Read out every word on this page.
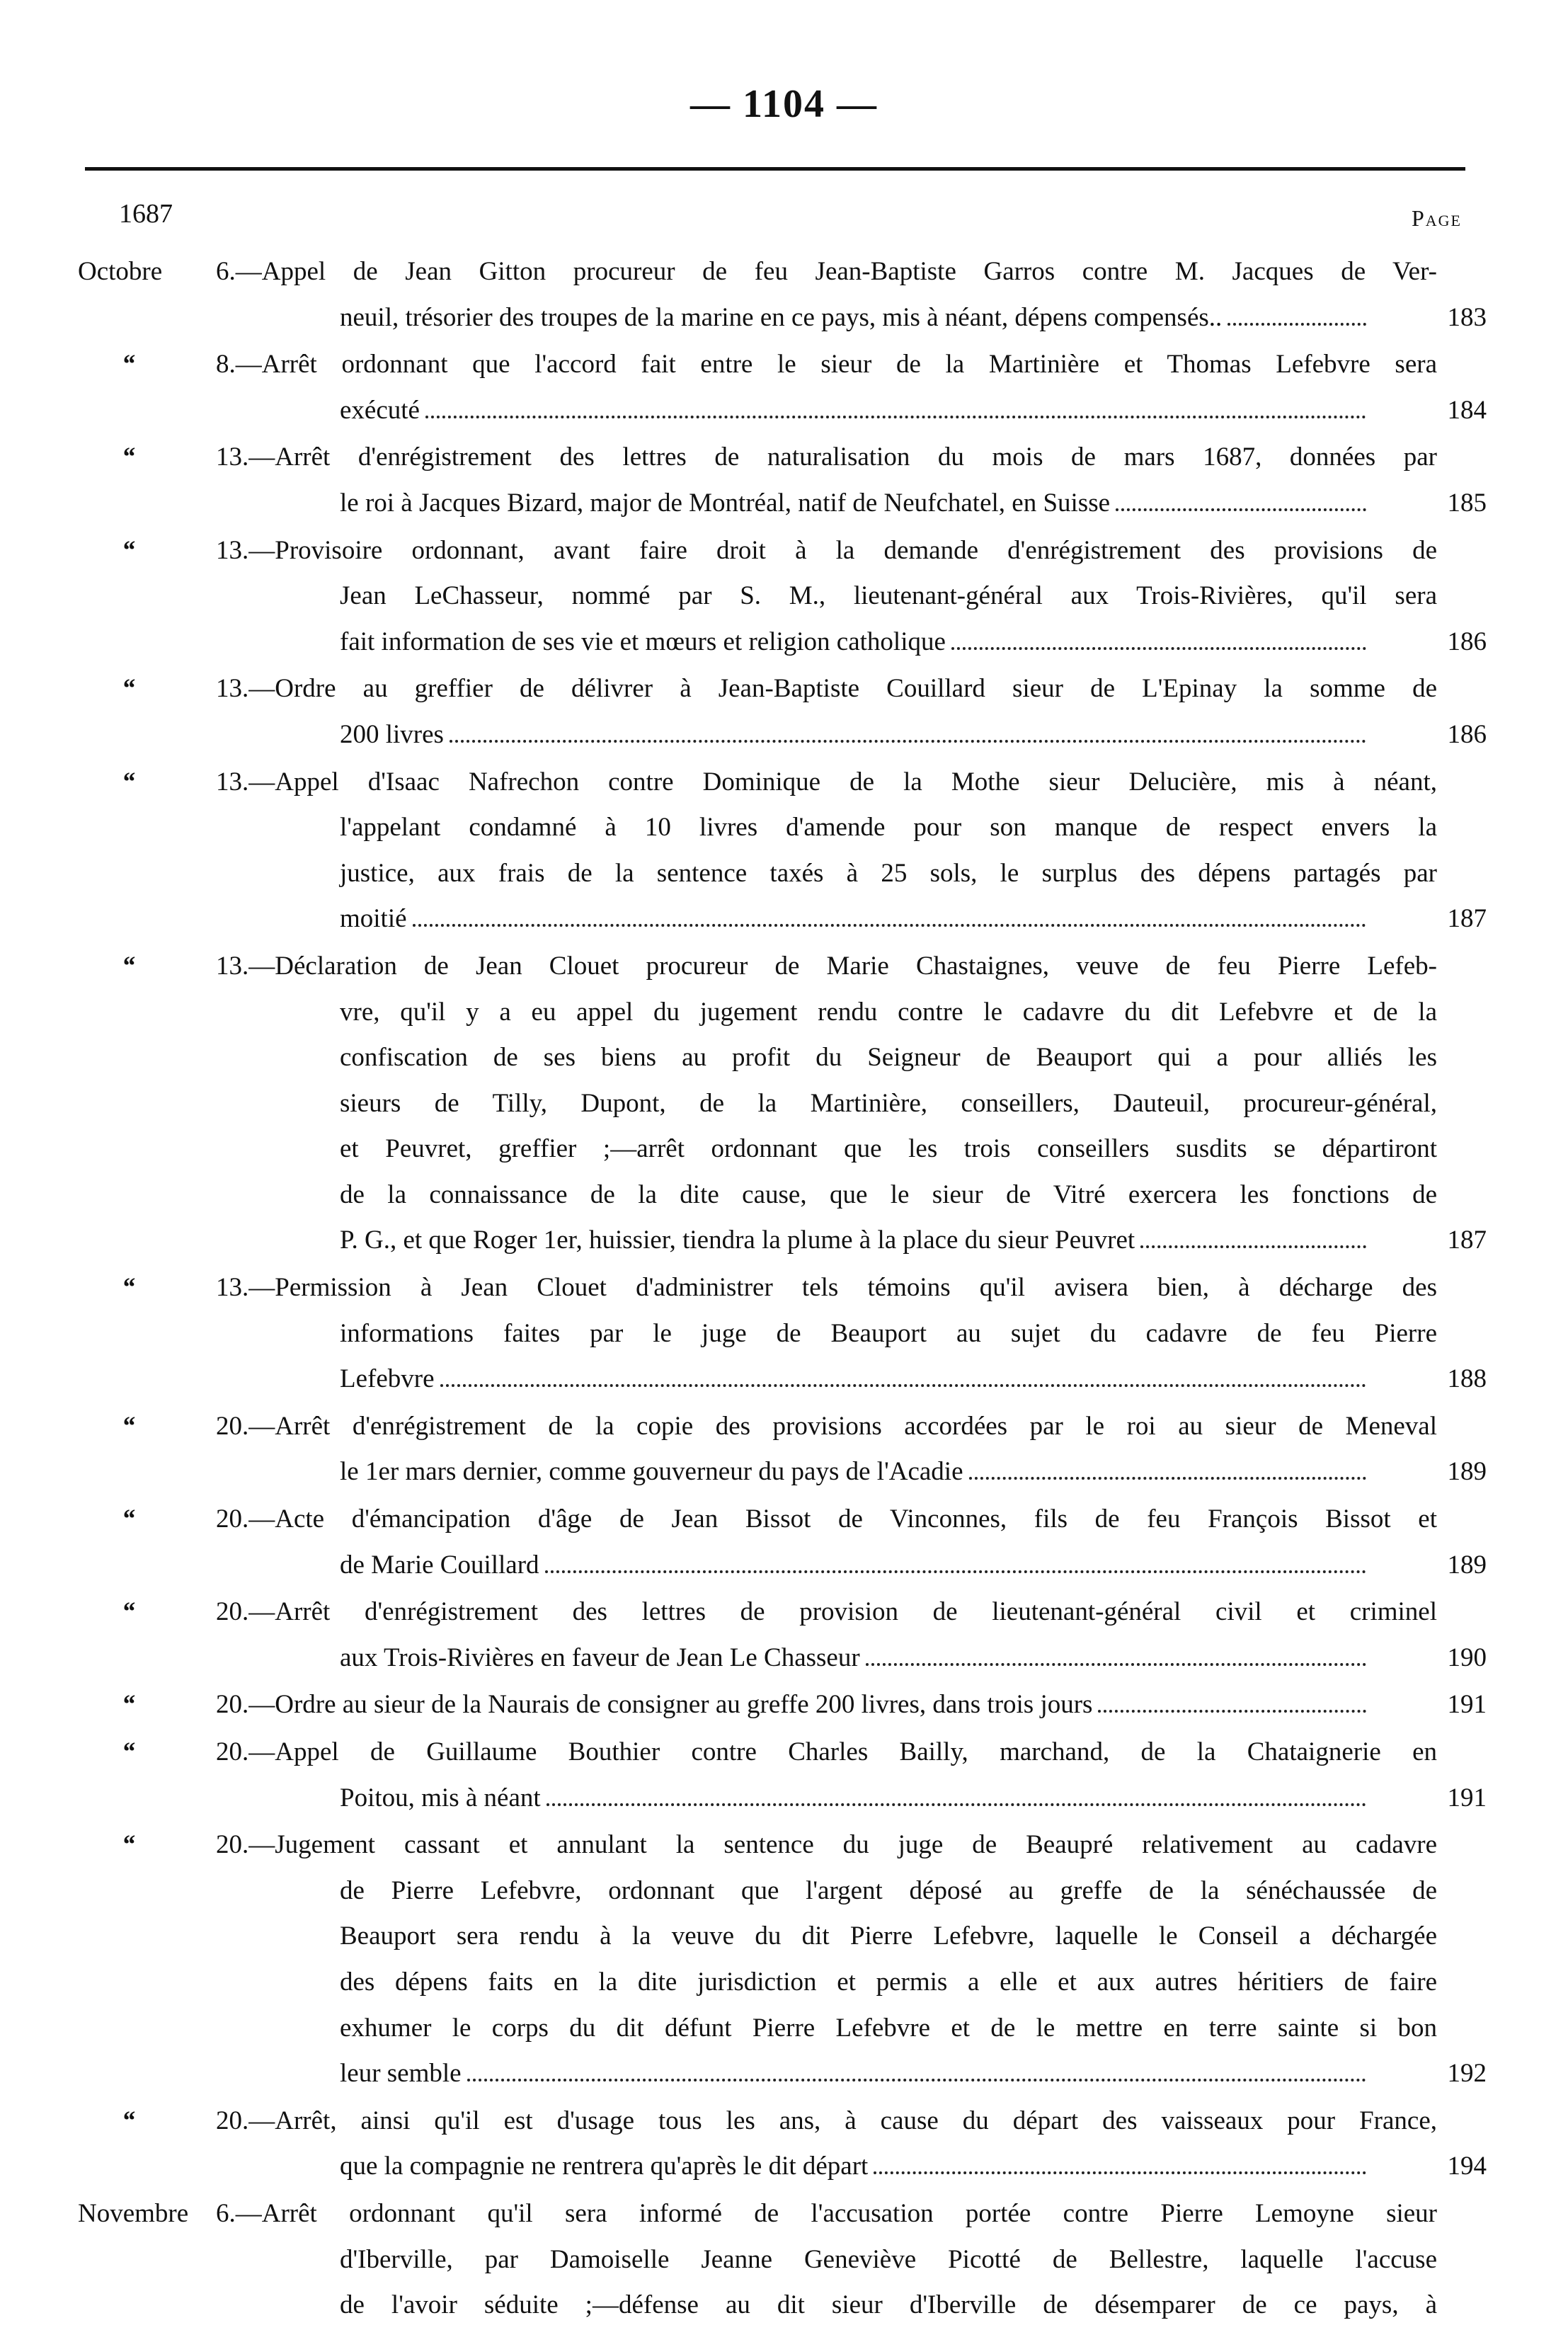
— 1104 —
1687	Page
Octobre 6.—Appel de Jean Gitton procureur de feu Jean-Baptiste Garros contre M. Jacques de Ver-
neuil, trésorier des troupes de la marine en ce pays, mis à néant, dépens compensés..	183
“	8.—Arrêt ordonnant que l'accord fait entre le sieur de la Martinière et Thomas Lefebvre sera
exécuté	184
“	13.—Arrêt d'enrégistrement des lettres de naturalisation du mois de mars 1687, données par
le roi à Jacques Bizard, major de Montréal, natif de Neufchatel, en Suisse	185
“	13.—Provisoire ordonnant, avant faire droit à la demande d'enrégistrement des provisions de
Jean LeChasseur, nommé par S. M., lieutenant-général aux Trois-Rivières, qu'il sera
fait information de ses vie et mœurs et religion catholique	186
“	13.—Ordre au greffier de délivrer à Jean-Baptiste Couillard sieur de L'Epinay la somme de
200 livres	186
“	13.—Appel d'Isaac Nafrechon contre Dominique de la Mothe sieur Delucière, mis à néant,
l'appelant condamné à 10 livres d'amende pour son manque de respect envers la
justice, aux frais de la sentence taxés à 25 sols, le surplus des dépens partagés par
moitié	187
“	13.—Déclaration de Jean Clouet procureur de Marie Chastaignes, veuve de feu Pierre Lefeb-
vre, qu'il y a eu appel du jugement rendu contre le cadavre du dit Lefebvre et de la
confiscation de ses biens au profit du Seigneur de Beauport qui a pour alliés les
sieurs de Tilly, Dupont, de la Martinière, conseillers, Dauteuil, procureur-général,
et Peuvret, greffier ;—arrêt ordonnant que les trois conseillers susdits se départiront
de la connaissance de la dite cause, que le sieur de Vitré exercera les fonctions de
P. G., et que Roger 1er, huissier, tiendra la plume à la place du sieur Peuvret	187
“	13.—Permission à Jean Clouet d'administrer tels témoins qu'il avisera bien, à décharge des
informations faites par le juge de Beauport au sujet du cadavre de feu Pierre
Lefebvre	188
“	20.—Arrêt d'enrégistrement de la copie des provisions accordées par le roi au sieur de Meneval
le 1er mars dernier, comme gouverneur du pays de l'Acadie	189
“	20.—Acte d'émancipation d'âge de Jean Bissot de Vinconnes, fils de feu François Bissot et
de Marie Couillard	189
“	20.—Arrêt d'enrégistrement des lettres de provision de lieutenant-général civil et criminel
aux Trois-Rivières en faveur de Jean Le Chasseur	190
“	20.—Ordre au sieur de la Naurais de consigner au greffe 200 livres, dans trois jours	191
“	20.—Appel de Guillaume Bouthier contre Charles Bailly, marchand, de la Chataignerie en
Poitou, mis à néant	191
“	20.—Jugement cassant et annulant la sentence du juge de Beaupré relativement au cadavre
de Pierre Lefebvre, ordonnant que l'argent déposé au greffe de la sénéchaussée de
Beauport sera rendu à la veuve du dit Pierre Lefebvre, laquelle le Conseil a déchargée
des dépens faits en la dite jurisdiction et permis a elle et aux autres héritiers de faire
exhumer le corps du dit défunt Pierre Lefebvre et de le mettre en terre sainte si bon
leur semble	192
“	20.—Arrêt, ainsi qu'il est d'usage tous les ans, à cause du départ des vaisseaux pour France,
que la compagnie ne rentrera qu'après le dit départ	194
Novembre 6.—Arrêt ordonnant qu'il sera informé de l'accusation portée contre Pierre Lemoyne sieur
d'Iberville, par Damoiselle Jeanne Geneviève Picotté de Bellestre, laquelle l'accuse
de l'avoir séduite ;—défense au dit sieur d'Iberville de désemparer de ce pays, à
